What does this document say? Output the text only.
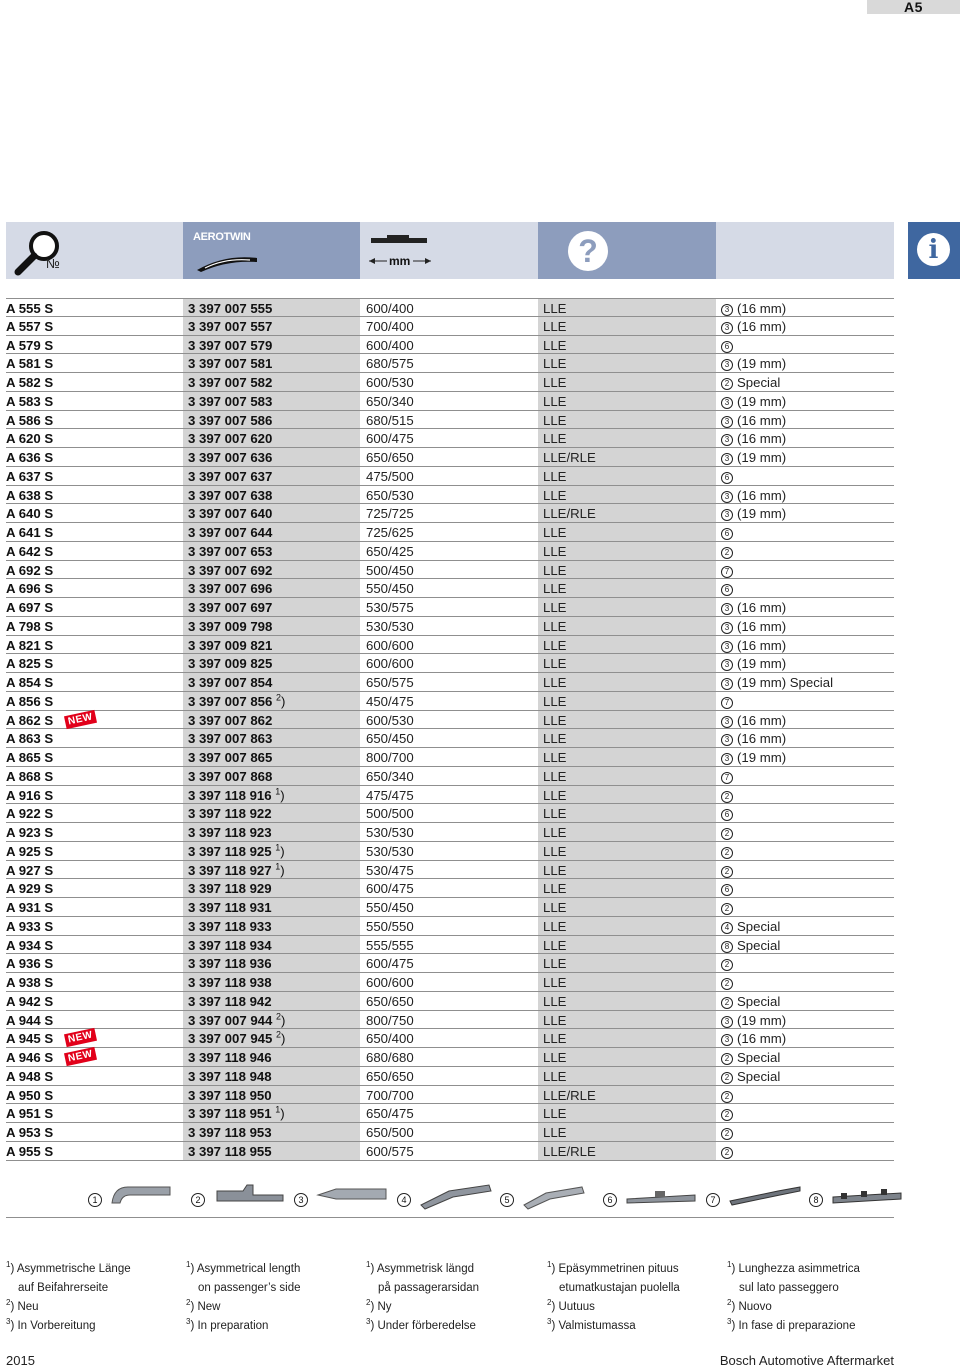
A5
№
AEROTWIN
mm	?	i
A 555 S	3 397 007 555	600/400	LLE	3 (16 mm)
A 557 S	3 397 007 557	700/400	LLE	3 (16 mm)
A 579 S	3 397 007 579	600/400	LLE	6
A 581 S	3 397 007 581	680/575	LLE	3 (19 mm)
A 582 S	3 397 007 582	600/530	LLE	2 Special
A 583 S	3 397 007 583	650/340	LLE	3 (19 mm)
A 586 S	3 397 007 586	680/515	LLE	3 (16 mm)
A 620 S	3 397 007 620	600/475	LLE	3 (16 mm)
A 636 S	3 397 007 636	650/650	LLE/RLE	3 (19 mm)
A 637 S	3 397 007 637	475/500	LLE	6
A 638 S	3 397 007 638	650/530	LLE	3 (16 mm)
A 640 S	3 397 007 640	725/725	LLE/RLE	3 (19 mm)
A 641 S	3 397 007 644	725/625	LLE	6
A 642 S	3 397 007 653	650/425	LLE	2
A 692 S	3 397 007 692	500/450	LLE	7
A 696 S	3 397 007 696	550/450	LLE	6
A 697 S	3 397 007 697	530/575	LLE	3 (16 mm)
A 798 S	3 397 009 798	530/530	LLE	3 (16 mm)
A 821 S	3 397 009 821	600/600	LLE	3 (16 mm)
A 825 S	3 397 009 825	600/600	LLE	3 (19 mm)
A 854 S	3 397 007 854	650/575	LLE	3 (19 mm) Special
A 856 S	3 397 007 856 $^2$)	450/475	LLE	7
A 862 S	3 397 007 862	600/530	LLE	3 (16 mm)
NEW
A 863 S	3 397 007 863	650/450	LLE	3 (16 mm)
A 865 S	3 397 007 865	800/700	LLE	3 (19 mm)
A 868 S	3 397 007 868	650/340	LLE	7
A 916 S	3 397 118 916 $^1$)	475/475	LLE	2
A 922 S	3 397 118 922	500/500	LLE	6
A 923 S	3 397 118 923	530/530	LLE	2
A 925 S	3 397 118 925 $^1$)	530/530	LLE	2
A 927 S	3 397 118 927 $^1$)	530/475	LLE	2
A 929 S	3 397 118 929	600/475	LLE	6
A 931 S	3 397 118 931	550/450	LLE	2
A 933 S	3 397 118 933	550/550	LLE	4 Special
A 934 S	3 397 118 934	555/555	LLE	8 Special
A 936 S	3 397 118 936	600/475	LLE	2
A 938 S	3 397 118 938	600/600	LLE	2
A 942 S	3 397 118 942	650/650	LLE	2 Special
A 944 S	3 397 007 944 $^2$)	800/750	LLE	3 (19 mm)
A 945 S	3 397 007 945 $^2$)	650/400	LLE	3 (16 mm)
NEW
A 946 S	3 397 118 946	680/680	LLE	2 Special
NEW
A 948 S	3 397 118 948	650/650	LLE	2 Special
A 950 S	3 397 118 950	700/700	LLE/RLE	2
A 951 S	3 397 118 951 $^1$)	650/475	LLE	2
A 953 S	3 397 118 953	650/500	LLE	2
A 955 S	3 397 118 955	600/575	LLE/RLE	2
1	2	3	4	5	6	7	8
$^1$) Asymmetrische Länge
auf Beifahrerseite
$^2$) Neu
$^3$) In Vorbereitung
$^1$) Asymmetrical length
on passenger’s side
$^2$) New
$^3$) In preparation
$^1$) Asymmetrisk längd
på passagerarsidan
$^2$) Ny
$^3$) Under förberedelse
$^1$) Epäsymmetrinen pituus
etumatkustajan puolella
$^2$) Uutuus
$^3$) Valmistumassa
$^1$) Lunghezza asimmetrica
sul lato passeggero
$^2$) Nuovo
$^3$) In fase di preparazione
2015	Bosch Automotive Aftermarket
